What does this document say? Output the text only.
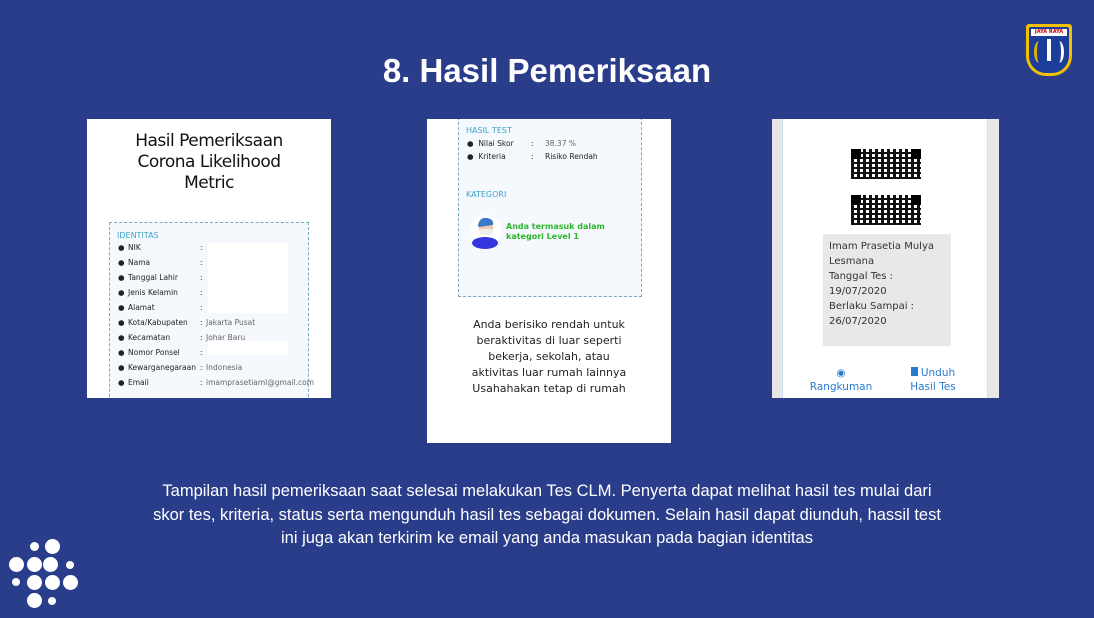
8. Hasil Pemeriksaan
JAYA RAYA
Hasil Pemeriksaan Corona Likelihood Metric
IDENTITAS
● NIK	:
● Nama	:
● Tanggal Lahir	:
● Jenis Kelamin	:
● Alamat	:
● Kota/Kabupaten	: Jakarta Pusat
● Kecamatan	: Johar Baru
● Nomor Ponsel	:
● Kewarganegaraan : Indonesia
● Email	: imamprasetiaml@gmail.com
HASIL TEST
●  Nilai Skor	:	38.37 %
●  Kriteria	:	Risiko Rendah
KATEGORI
Anda termasuk dalam kategori Level 1
Anda berisiko rendah untuk beraktivitas di luar seperti bekerja, sekolah, atau aktivitas luar rumah lainnya Usahahakan tetap di rumah
Imam Prasetia Mulya Lesmana
Tanggal Tes :
19/07/2020
Berlaku Sampai :
26/07/2020
◉
Rangkuman
Unduh Hasil Tes
Tampilan hasil pemeriksaan saat selesai melakukan Tes CLM. Penyerta dapat melihat hasil tes mulai dari skor tes, kriteria, status serta mengunduh hasil tes sebagai dokumen. Selain hasil dapat diunduh, hassil test ini juga akan terkirim ke email yang anda masukan pada bagian identitas
